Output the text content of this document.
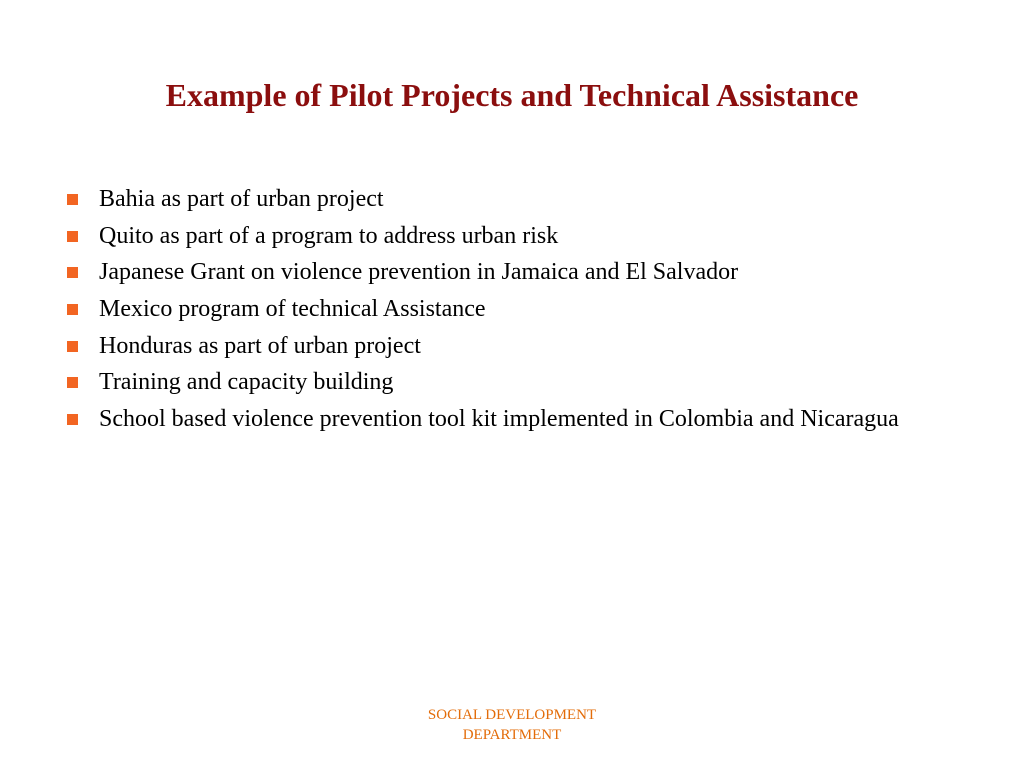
Example of Pilot Projects and Technical Assistance
Bahia as part of urban project
Quito as part of a program to address urban risk
Japanese Grant on violence prevention in Jamaica and El Salvador
Mexico program of technical Assistance
Honduras as part of urban project
Training and capacity building
School based violence prevention tool kit implemented in Colombia and Nicaragua
SOCIAL DEVELOPMENT
DEPARTMENT
